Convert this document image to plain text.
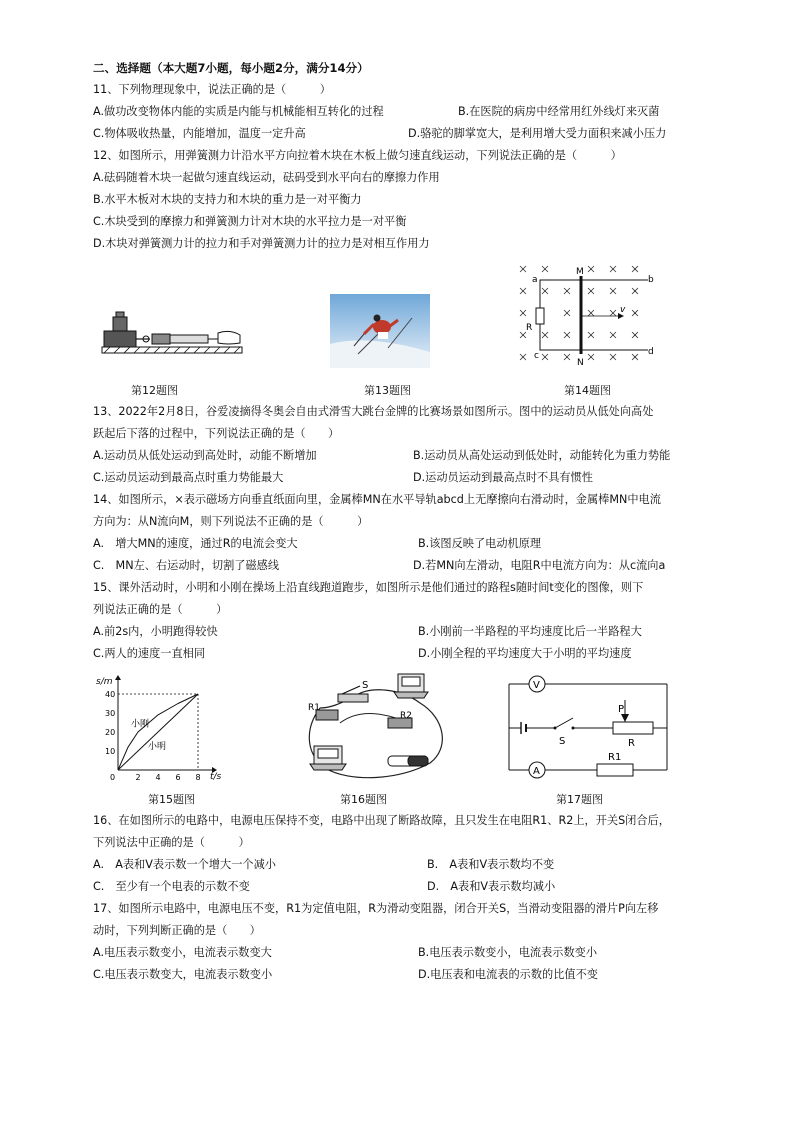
二、选择题（本大题7小题，每小题2分，满分14分）
11、下列物理现象中，说法正确的是（　　　）
A.做功改变物体内能的实质是内能与机械能相互转化的过程	B.在医院的病房中经常用红外线灯来灭菌
C.物体吸收热量，内能增加，温度一定升高	D.骆驼的脚掌宽大，是利用增大受力面积来减小压力
12、如图所示，用弹簧测力计沿水平方向拉着木块在木板上做匀速直线运动，下列说法正确的是（　　　）
A.砝码随着木块一起做匀速直线运动，砝码受到水平向右的摩擦力作用
B.水平木板对木块的支持力和木块的重力是一对平衡力
C.木块受到的摩擦力和弹簧测力计对木块的水平拉力是一对平衡
D.木块对弹簧测力计的拉力和手对弹簧测力计的拉力是对相互作用力
第12题图	第13题图
a	b
c	d
M
N
R
v
第14题图
13、2022年2月8日，谷爱凌摘得冬奥会自由式滑雪大跳台金牌的比赛场景如图所示。图中的运动员从低处向高处
跃起后下落的过程中，下列说法正确的是（　　）
A.运动员从低处运动到高处时，动能不断增加	B.运动员从高处运动到低处时，动能转化为重力势能
C.运动员运动到最高点时重力势能最大	D.运动员运动到最高点时不具有惯性
14、如图所示，×表示磁场方向垂直纸面向里，金属棒MN在水平导轨abcd上无摩擦向右滑动时，金属棒MN中电流
方向为：从N流向M，则下列说法不正确的是（　　　）
A.　增大MN的速度，通过R的电流会变大	B.该图反映了电动机原理
C.　MN左、右运动时，切割了磁感线	D.若MN向左滑动，电阻R中电流方向为：从c流向a
15、课外活动时，小明和小刚在操场上沿直线跑道跑步，如图所示是他们通过的路程s随时间t变化的图像，则下
列说法正确的是（　　　）
A.前2s内，小明跑得较快	B.小刚前一半路程的平均速度比后一半路程大
C.两人的速度一直相同	D.小刚全程的平均速度大于小明的平均速度
s/m
t/s
0	2 4 6 8
10
20
30
40
小刚
小明
第15题图
S
R1
R2
第16题图
V
A
S
P
R
R1
第17题图
16、在如图所示的电路中，电源电压保持不变，电路中出现了断路故障，且只发生在电阻R1、R2上，开关S闭合后，
下列说法中正确的是（　　　）
A.　A表和V表示数一个增大一个减小	B.　A表和V表示数均不变
C.　至少有一个电表的示数不变	D.　A表和V表示数均减小
17、如图所示电路中，电源电压不变，R1为定值电阻，R为滑动变阻器，闭合开关S，当滑动变阻器的滑片P向左移
动时，下列判断正确的是（　　）
A.电压表示数变小，电流表示数变大	B.电压表示数变小，电流表示数变小
C.电压表示数变大，电流表示数变小	D.电压表和电流表的示数的比值不变
